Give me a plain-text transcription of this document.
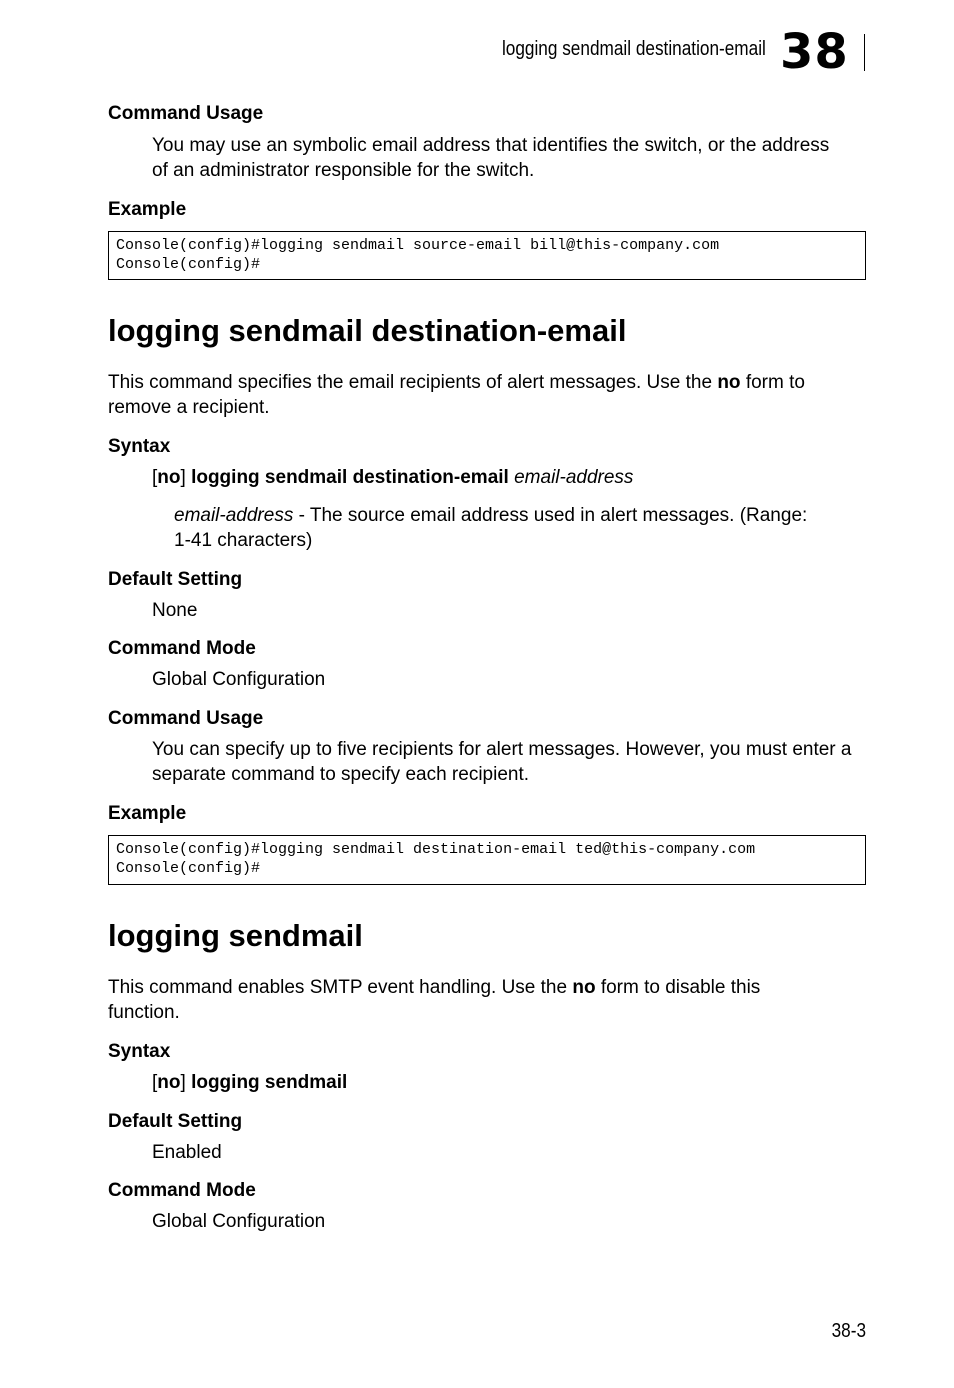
logging sendmail destination-email 38
Command Usage
You may use an symbolic email address that identifies the switch, or the address of an administrator responsible for the switch.
Example
Console(config)#logging sendmail source-email bill@this-company.com
Console(config)#
logging sendmail destination-email
This command specifies the email recipients of alert messages. Use the no form to remove a recipient.
Syntax
[no] logging sendmail destination-email email-address
email-address - The source email address used in alert messages. (Range: 1-41 characters)
Default Setting
None
Command Mode
Global Configuration
Command Usage
You can specify up to five recipients for alert messages. However, you must enter a separate command to specify each recipient.
Example
Console(config)#logging sendmail destination-email ted@this-company.com
Console(config)#
logging sendmail
This command enables SMTP event handling. Use the no form to disable this function.
Syntax
[no] logging sendmail
Default Setting
Enabled
Command Mode
Global Configuration
38-3
